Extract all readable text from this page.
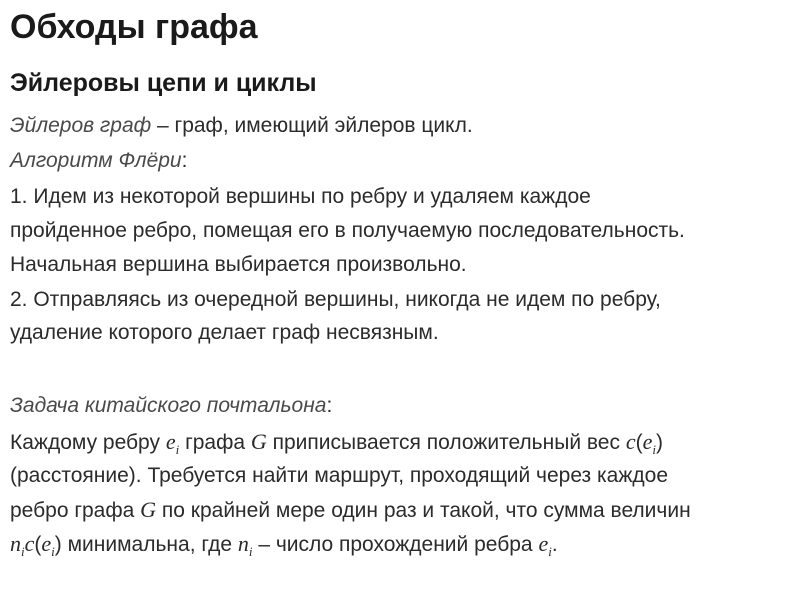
Обходы графа
Эйлеровы цепи и циклы

Эйлеров граф – граф, имеющий эйлеров цикл.

Алгоритм Флёри:

1. Идем из некоторой вершины по ребру и удаляем каждое

пройденное ребро, помещая его в получаемую последовательность.

Начальная вершина выбирается произвольно.

2. Отправляясь из очередной вершины, никогда не идем по ребру,

удаление которого делает граф несвязным.

Задача китайского почтальона:

Каждому ребру $e_i$ графа G приписывается положительный вес $c(e_i)$

(расстояние). Требуется найти маршрут, проходящий через каждое

ребро графа G по крайней мере один раз и такой, что сумма величин

$n_ic(e_i)$ минимальна, где $n_i$ – число прохождений ребра $e_i$.
